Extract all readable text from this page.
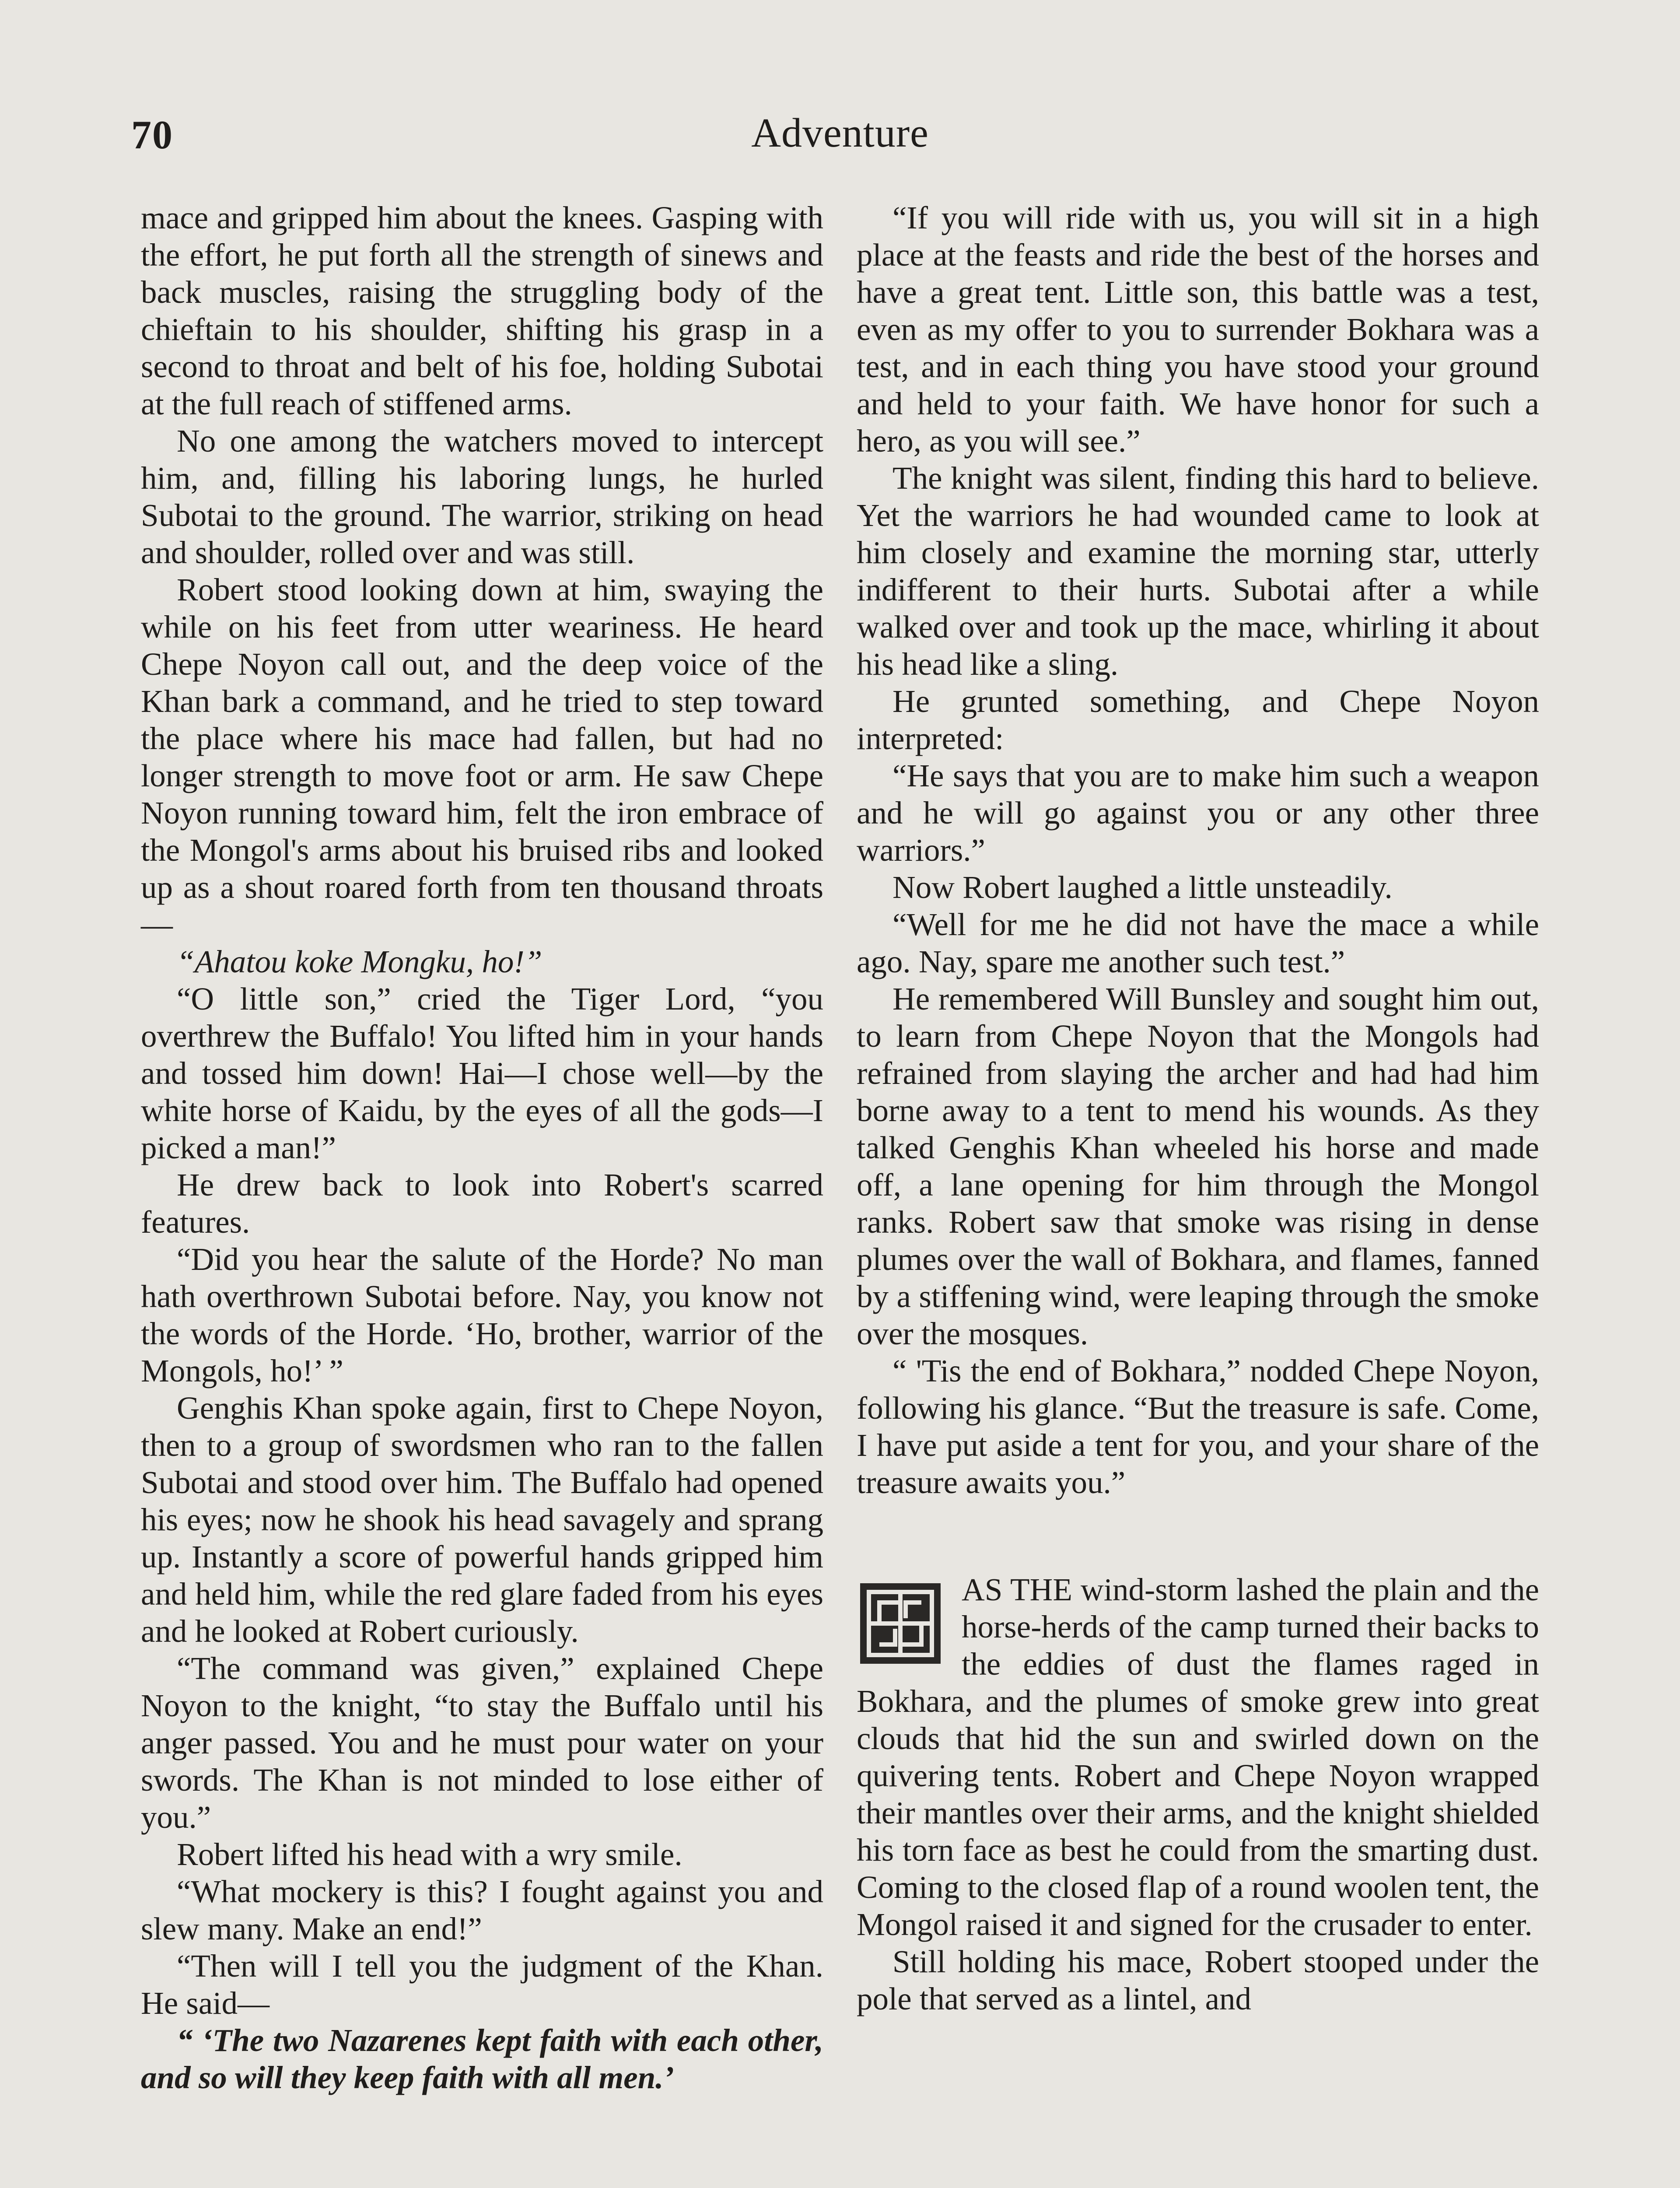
70	Adventure

mace and gripped him about the knees. Gasping with the effort, he put forth all the strength of sinews and back muscles, raising the struggling body of the chieftain to his shoulder, shifting his grasp in a second to throat and belt of his foe, holding Subotai at the full reach of stiffened arms.

No one among the watchers moved to intercept him, and, filling his laboring lungs, he hurled Subotai to the ground. The warrior, striking on head and shoulder, rolled over and was still.

Robert stood looking down at him, swaying the while on his feet from utter weariness. He heard Chepe Noyon call out, and the deep voice of the Khan bark a command, and he tried to step toward the place where his mace had fallen, but had no longer strength to move foot or arm. He saw Chepe Noyon running toward him, felt the iron embrace of the Mongol's arms about his bruised ribs and looked up as a shout roared forth from ten thousand throats—

“Ahatou koke Mongku, ho!”

“O little son,” cried the Tiger Lord, “you overthrew the Buffalo! You lifted him in your hands and tossed him down! Hai—I chose well—by the white horse of Kaidu, by the eyes of all the gods—I picked a man!”

He drew back to look into Robert's scarred features.

“Did you hear the salute of the Horde? No man hath overthrown Subotai before. Nay, you know not the words of the Horde. ‘Ho, brother, warrior of the Mongols, ho!’ ”

Genghis Khan spoke again, first to Chepe Noyon, then to a group of swordsmen who ran to the fallen Subotai and stood over him. The Buffalo had opened his eyes; now he shook his head savagely and sprang up. Instantly a score of powerful hands gripped him and held him, while the red glare faded from his eyes and he looked at Robert curiously.

“The command was given,” explained Chepe Noyon to the knight, “to stay the Buffalo until his anger passed. You and he must pour water on your swords. The Khan is not minded to lose either of you.”

Robert lifted his head with a wry smile.

“What mockery is this? I fought against you and slew many. Make an end!”

“Then will I tell you the judgment of the Khan. He said—

“ ‘The two Nazarenes kept faith with each other, and so will they keep faith with all men.’

“If you will ride with us, you will sit in a high place at the feasts and ride the best of the horses and have a great tent. Little son, this battle was a test, even as my offer to you to surrender Bokhara was a test, and in each thing you have stood your ground and held to your faith. We have honor for such a hero, as you will see.”

The knight was silent, finding this hard to believe. Yet the warriors he had wounded came to look at him closely and examine the morning star, utterly indifferent to their hurts. Subotai after a while walked over and took up the mace, whirling it about his head like a sling.

He grunted something, and Chepe Noyon interpreted:

“He says that you are to make him such a weapon and he will go against you or any other three warriors.”

Now Robert laughed a little unsteadily.

“Well for me he did not have the mace a while ago. Nay, spare me another such test.”

He remembered Will Bunsley and sought him out, to learn from Chepe Noyon that the Mongols had refrained from slaying the archer and had had him borne away to a tent to mend his wounds. As they talked Genghis Khan wheeled his horse and made off, a lane opening for him through the Mongol ranks. Robert saw that smoke was rising in dense plumes over the wall of Bokhara, and flames, fanned by a stiffening wind, were leaping through the smoke over the mosques.

“ 'Tis the end of Bokhara,” nodded Chepe Noyon, following his glance. “But the treasure is safe. Come, I have put aside a tent for you, and your share of the treasure awaits you.”

AS THE wind-storm lashed the plain and the horse-herds of the camp turned their backs to the eddies of dust the flames raged in Bokhara, and the plumes of smoke grew into great clouds that hid the sun and swirled down on the quivering tents. Robert and Chepe Noyon wrapped their mantles over their arms, and the knight shielded his torn face as best he could from the smarting dust. Coming to the closed flap of a round woolen tent, the Mongol raised it and signed for the crusader to enter.

Still holding his mace, Robert stooped under the pole that served as a lintel, and
